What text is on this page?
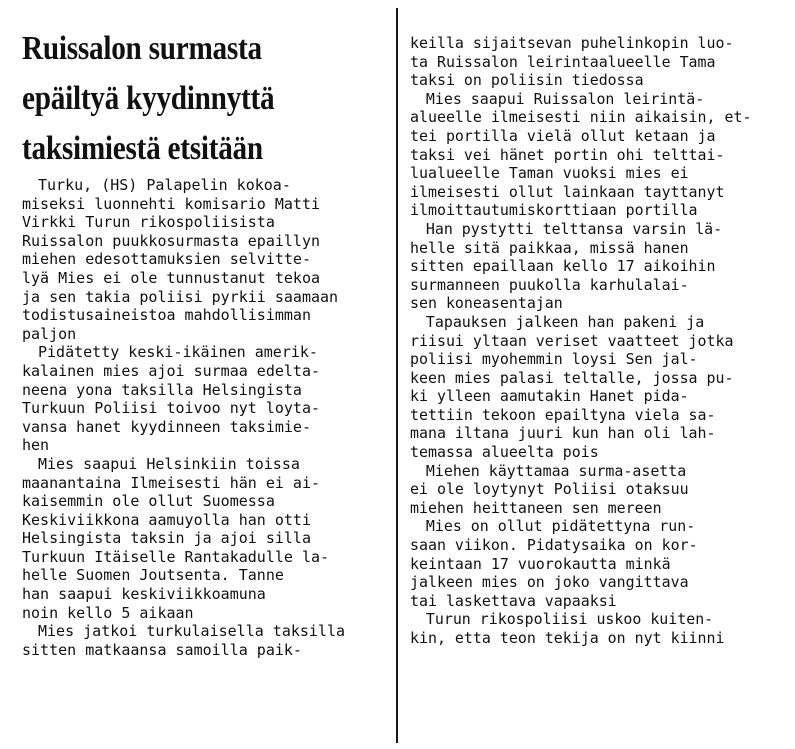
Ruissalon surmasta
epäiltyä kyydinnyttä
taksimiestä etsitään
Turku, (HS) Palapelin kokoa-
miseksi luonnehti komisario Matti
Virkki Turun rikospoliisista
Ruissalon puukkosurmasta epaillyn
miehen edesottamuksien selvitte-
lyä Mies ei ole tunnustanut tekoa
ja sen takia poliisi pyrkii saamaan
todistusaineistoa mahdollisimman
paljon
Pidätetty keski-ikäinen amerik-
kalainen mies ajoi surmaa edelta-
neena yona taksilla Helsingista
Turkuun Poliisi toivoo nyt loyta-
vansa hanet kyydinneen taksimie-
hen
Mies saapui Helsinkiin toissa
maanantaina Ilmeisesti hän ei ai-
kaisemmin ole ollut Suomessa
Keskiviikkona aamuyolla han otti
Helsingista taksin ja ajoi silla
Turkuun Itäiselle Rantakadulle la-
helle Suomen Joutsenta. Tanne
han saapui keskiviikkoamuna
noin kello 5 aikaan
Mies jatkoi turkulaisella taksilla
sitten matkaansa samoilla paik-
keilla sijaitsevan puhelinkopin luo-
ta Ruissalon leirintaalueelle Tama
taksi on poliisin tiedossa
Mies saapui Ruissalon leirintä-
alueelle ilmeisesti niin aikaisin, et-
tei portilla vielä ollut ketaan ja
taksi vei hänet portin ohi telttai-
lualueelle Taman vuoksi mies ei
ilmeisesti ollut lainkaan tayttanyt
ilmoittautumiskorttiaan portilla
Han pystytti telttansa varsin lä-
helle sitä paikkaa, missä hanen
sitten epaillaan kello 17 aikoihin
surmanneen puukolla karhulalai-
sen koneasentajan
Tapauksen jalkeen han pakeni ja
riisui yltaan veriset vaatteet jotka
poliisi myohemmin loysi Sen jal-
keen mies palasi teltalle, jossa pu-
ki ylleen aamutakin Hanet pida-
tettiin tekoon epailtyna viela sa-
mana iltana juuri kun han oli lah-
temassa alueelta pois
Miehen käyttamaa surma-asetta
ei ole loytynyt Poliisi otaksuu
miehen heittaneen sen mereen
Mies on ollut pidätettyna run-
saan viikon. Pidatysaika on kor-
keintaan 17 vuorokautta minkä
jalkeen mies on joko vangittava
tai laskettava vapaaksi
Turun rikospoliisi uskoo kuiten-
kin, etta teon tekija on nyt kiinni
